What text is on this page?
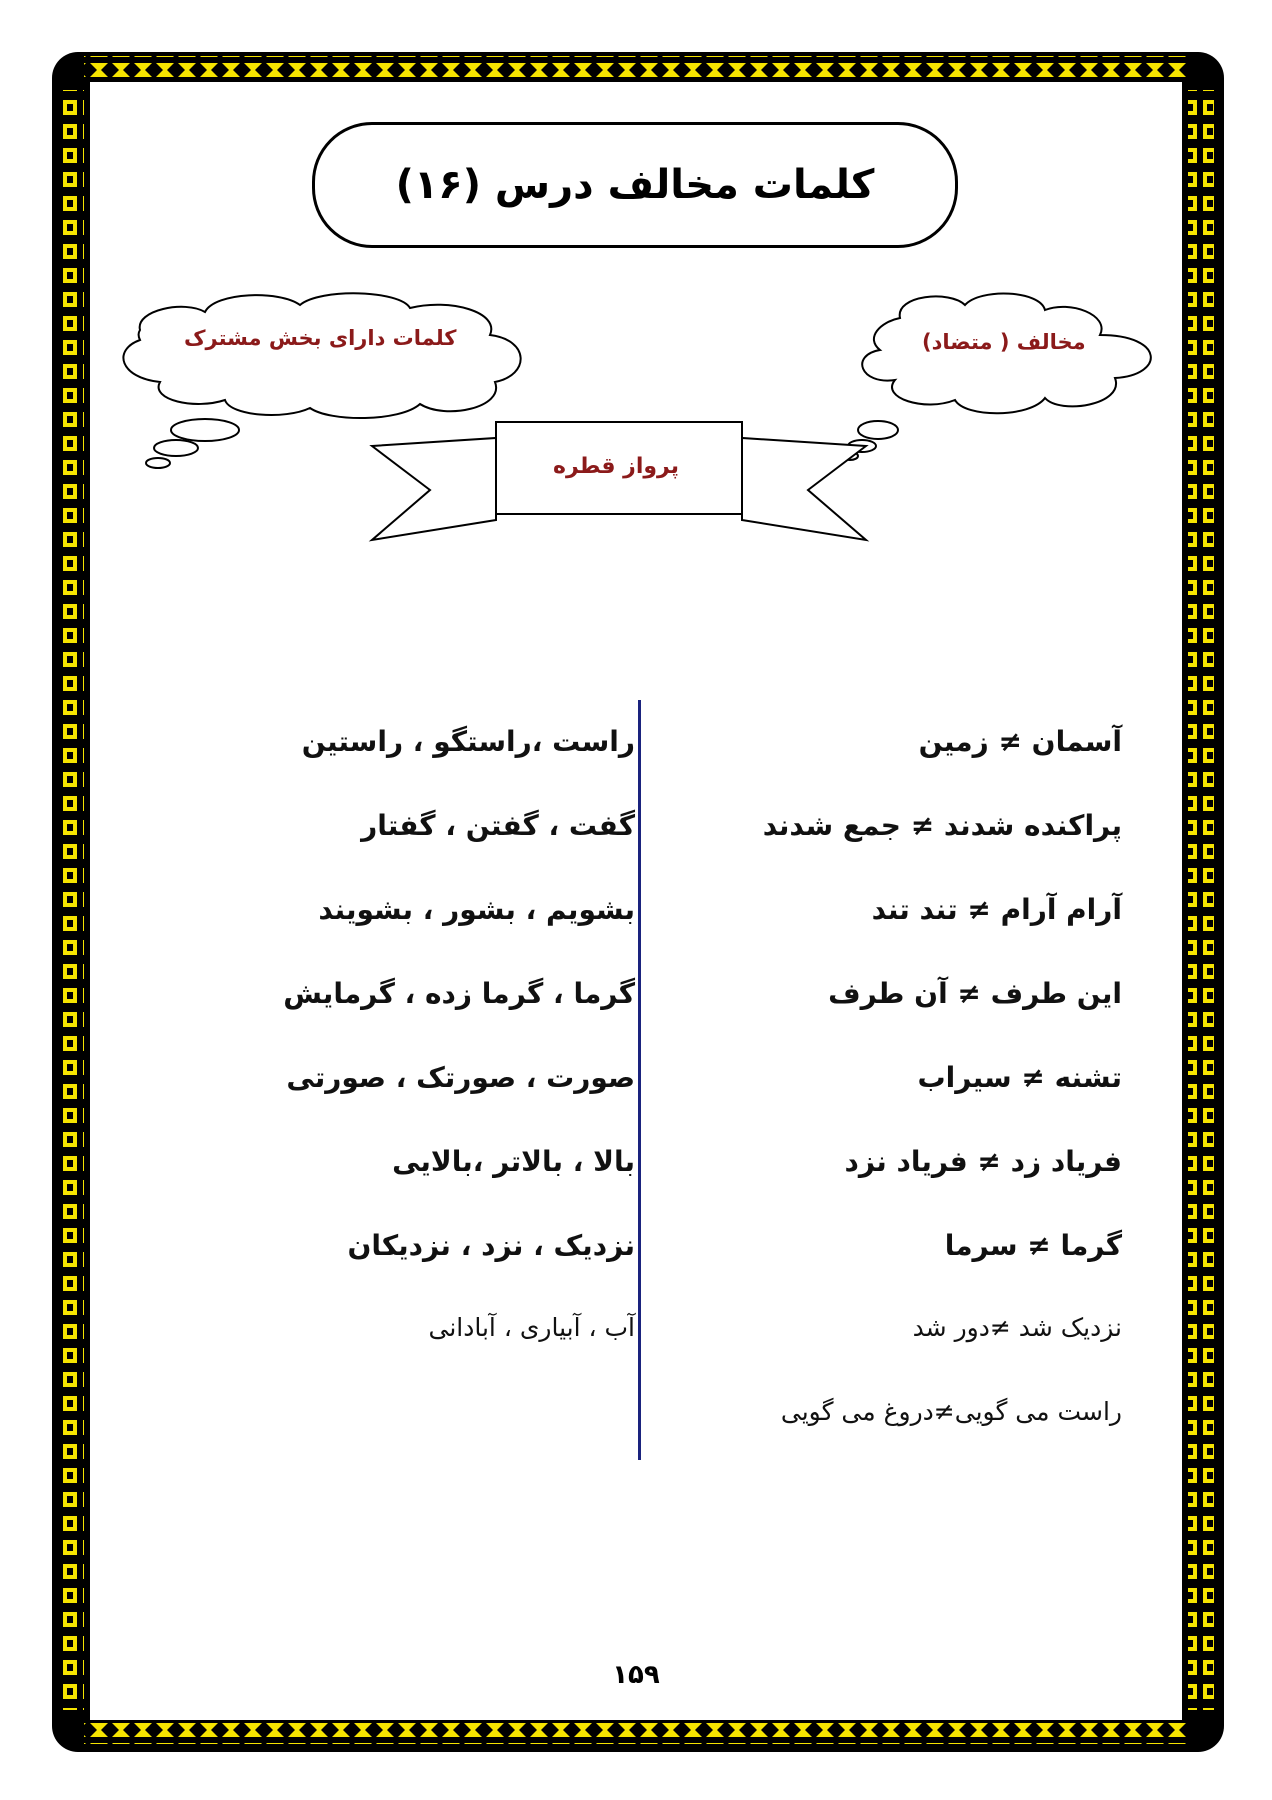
کلمات مخالف درس (۱۶)
مخالف ( متضاد)
کلمات دارای بخش مشترک
پرواز قطره
آسمان ≠ زمین
پراکنده شدند ≠ جمع شدند
آرام آرام ≠ تند تند
این طرف ≠ آن طرف
تشنه ≠ سیراب
فریاد زد ≠ فریاد نزد
گرما ≠ سرما
نزدیک شد ≠دور شد
راست می گویی≠دروغ می گویی
راست ،راستگو ، راستین
گفت ، گفتن ، گفتار
بشویم ، بشور ، بشویند
گرما ، گرما زده ، گرمایش
صورت ، صورتک ، صورتی
بالا ، بالاتر ،بالایی
نزدیک ، نزد ، نزدیکان
آب ، آبیاری ، آبادانی
۱۵۹
